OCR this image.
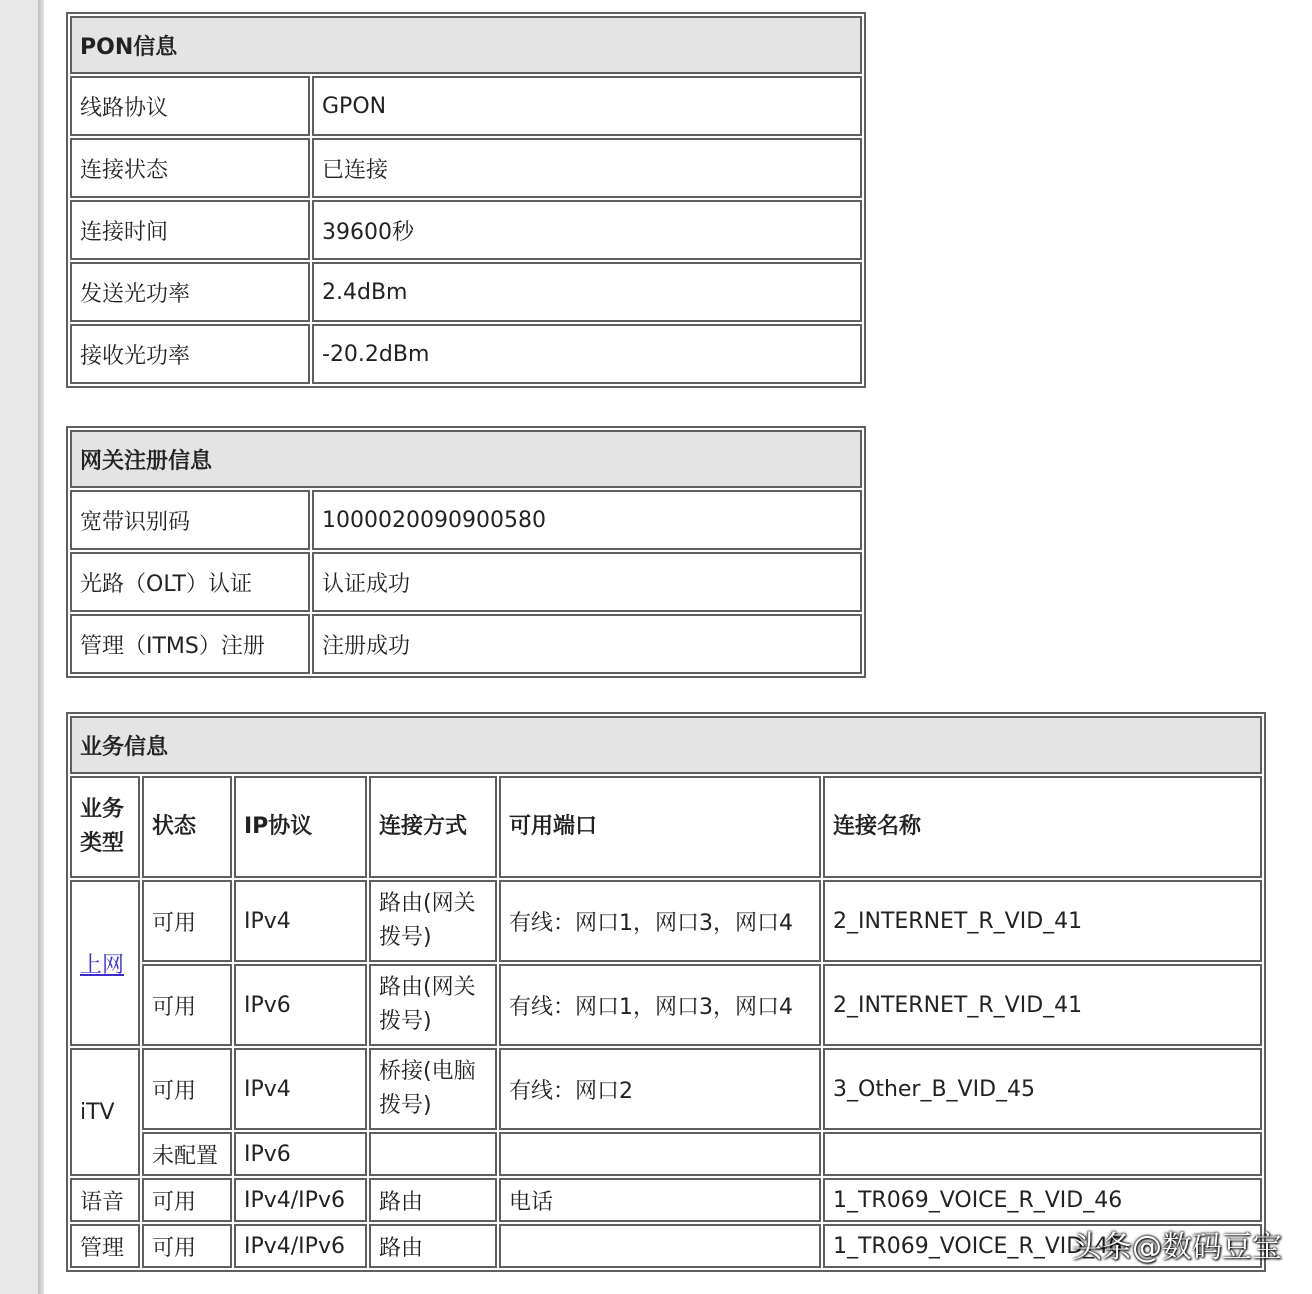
PON信息	
线路协议	GPON
连接状态	已连接
连接时间	39600秒
发送光功率	2.4dBm
接收光功率	-20.2dBm
网关注册信息	
宽带识别码	1000020090900580
光路（OLT）认证	认证成功
管理（ITMS）注册	注册成功
业务信息					
业务类型	状态	IP协议	连接方式	可用端口	连接名称
上网	可用	IPv4	路由(网关拨号)	有线：网口1，网口3，网口4	2_INTERNET_R_VID_41
	可用	IPv6	路由(网关拨号)	有线：网口1，网口3，网口4	2_INTERNET_R_VID_41
iTV	可用	IPv4	桥接(电脑拨号)	有线：网口2	3_Other_B_VID_45
	未配置	IPv6			
语音	可用	IPv4/IPv6	路由	电话	1_TR069_VOICE_R_VID_46
管理	可用	IPv4/IPv6	路由		1_TR069_VOICE_R_VID_46
头条@数码豆宝
